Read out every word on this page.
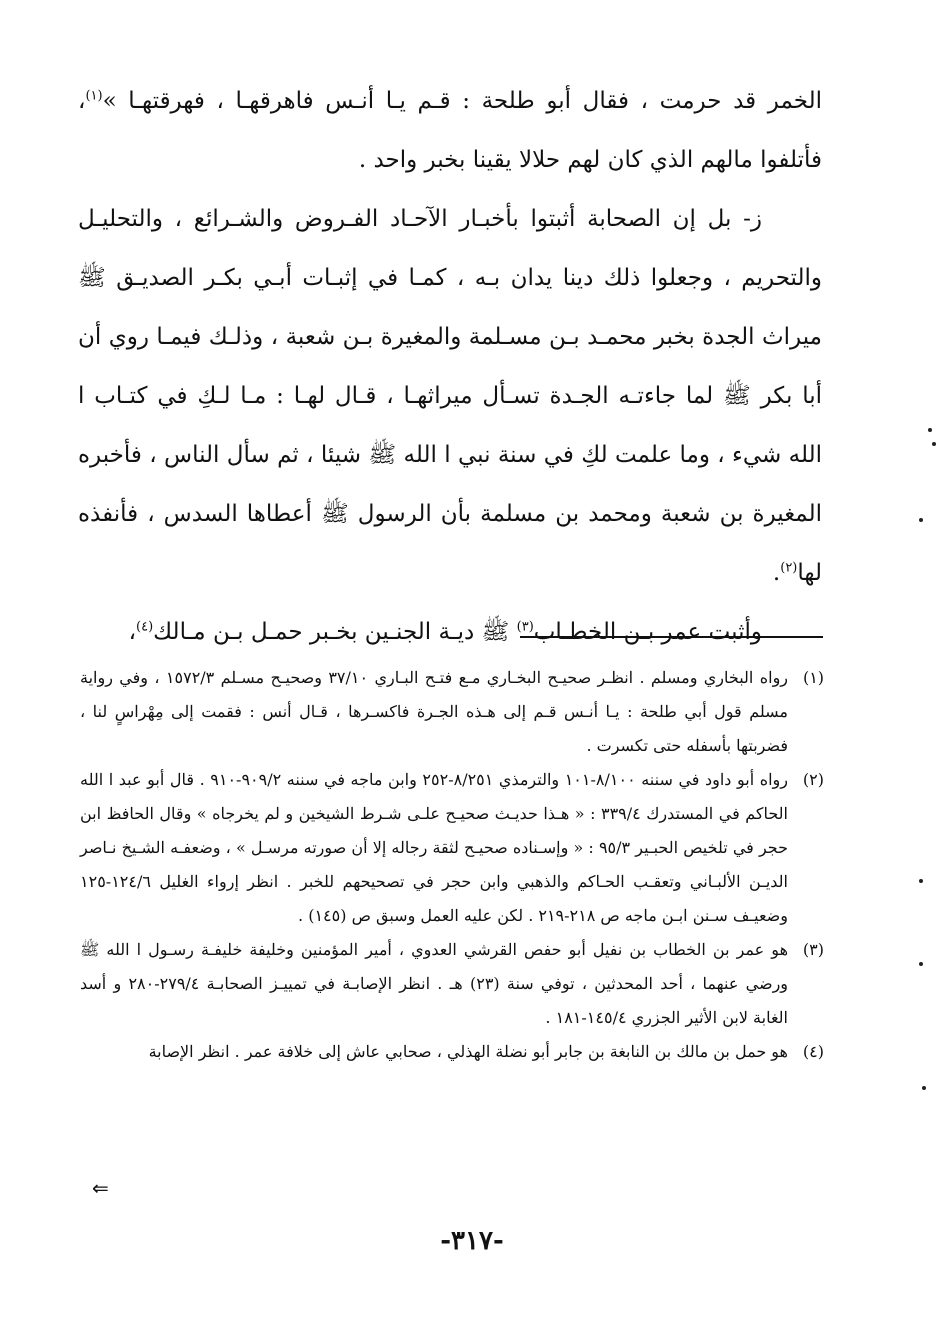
الخمر قد حرمت ، فقال أبو طلحة : قـم يـا أنـس فاهرقهـا ، فهرقتهـا »$^{(١)}$، فأتلفوا مالهم الذي كان لهم حلالا يقينا بخبر واحد .

ز- بل إن الصحابة أثبتوا بأخبـار الآحـاد الفـروض والشـرائع ، والتحليـل والتحريم ، وجعلوا ذلك دينا يدان بـه ، كمـا في إثبـات أبـي بكـر الصديـق ﷺ ميراث الجدة بخبر محمـد بـن مسـلمة والمغيرة بـن شعبة ، وذلـك فيمـا روي أن أبا بكر ﷺ لما جاءتـه الجـدة تسـأل ميراثهـا ، قـال لهـا : مـا لـكِ في كتـاب ا الله شيء ، وما علمت لكِ في سنة نبي ا الله ﷺ شيئا ، ثم سأل الناس ، فأخبره المغيرة بن شعبة ومحمد بن مسلمة بأن الرسول ﷺ أعطاها السدس ، فأنفذه لها$^{(٢)}$.

وأثبت عمر بـن الخطـاب$^{(٣)}$ ﷺ ديـة الجنـين بخـبر حمـل بـن مـالك$^{(٤)}$،

(١)رواه البخاري ومسلم . انظـر صحيـح البخـاري مـع فتـح البـاري ٣٧/١٠ وصحيـح مسـلم ١٥٧٢/٣ ، وفي رواية مسلم قول أبي طلحة : يـا أنـس قـم إلى هـذه الجـرة فاكسـرها ، قـال أنس : فقمت إلى مِهْراسٍ لنا ، فضربتها بأسفله حتى تكسرت .

(٢)رواه أبو داود في سننه ٨/١٠٠-١٠١ والترمذي ٨/٢٥١-٢٥٢ وابن ماجه في سننه ٩٠٩/٢-٩١٠ . قال أبو عبد ا الله الحاكم في المستدرك ٣٣٩/٤ : « هـذا حديـث صحيـح علـى شـرط الشيخين و لم يخرجاه » وقال الحافظ ابن حجر في تلخيص الحبـير ٩٥/٣ : « وإسـناده صحيـح لثقة رجاله إلا أن صورته مرسـل » ، وضعفـه الشـيخ نـاصر الديـن الألبـاني وتعقـب الحـاكم والذهبي وابن حجر في تصحيحهم للخبر . انظر إرواء الغليل ١٢٤/٦-١٢٥ وضعيـف سـنن ابـن ماجه ص ٢١٨-٢١٩ . لكن عليه العمل وسبق ص (١٤٥) .

(٣)هو عمر بن الخطاب بن نفيل أبو حفص القرشي العدوي ، أمير المؤمنين وخليفة خليفـة رسـول ا الله ﷺ ورضي عنهما ، أحد المحدثين ، توفي سنة (٢٣) هـ . انظر الإصابـة في تمييـز الصحابـة ٢٧٩/٤-٢٨٠ و أسد الغابة لابن الأثير الجزري ١٤٥/٤-١٨١ .

(٤)هو حمل بن مالك بن النابغة بن جابر أبو نضلة الهذلي ، صحابي عاش إلى خلافة عمر . انظر الإصابة

⇐
-٣١٧-
